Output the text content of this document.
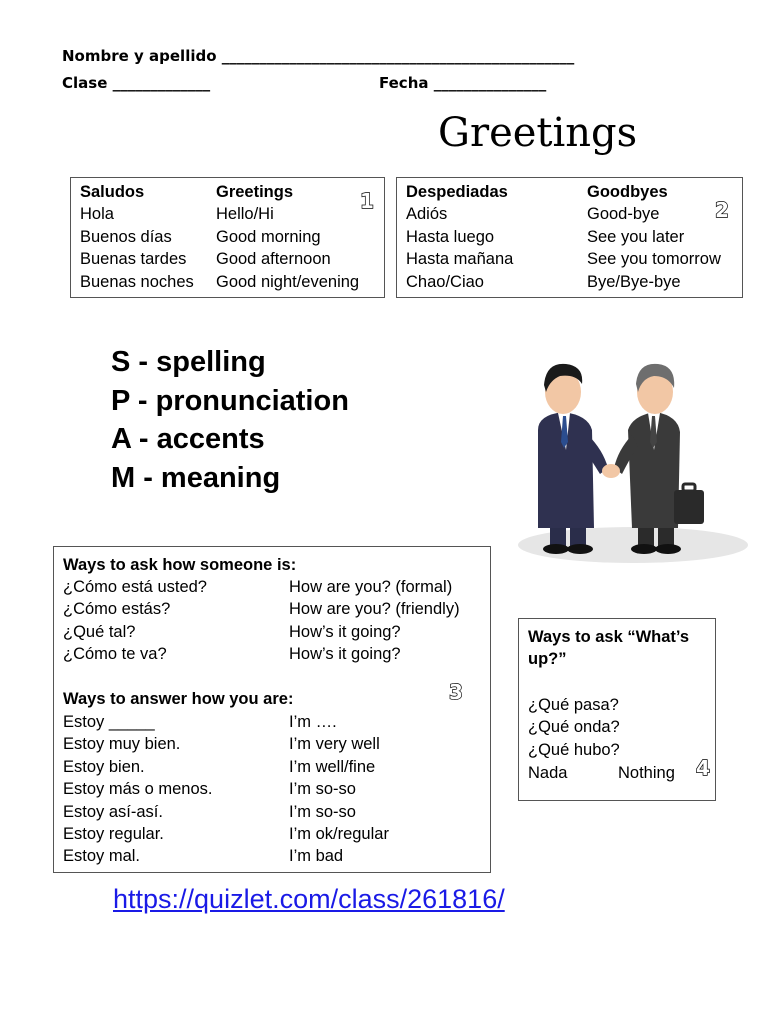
Nombre y apellido _______________________________________________
Clase _____________	Fecha _______________
Greetings
1
Saludos
Hola
Buenos días
Buenas tardes
Buenas noches
Greetings
Hello/Hi
Good morning
Good afternoon
Good night/evening
2
Despediadas
Adiós
Hasta luego
Hasta mañana
Chao/Ciao
Goodbyes
Good-bye
See you later
See you tomorrow
Bye/Bye-bye
S - spelling
P - pronunciation
A - accents
M - meaning
3
Ways to ask how someone is:
¿Cómo está usted?
¿Cómo estás?
¿Qué tal?
¿Cómo te va?
How are you? (formal)
How are you? (friendly)
How’s it going?
How’s it going?
Ways to answer how you are:
Estoy _____
Estoy muy bien.
Estoy bien.
Estoy más o menos.
Estoy así-así.
Estoy regular.
Estoy mal.
I’m ….
I’m very well
I’m well/fine
I’m so-so
I’m so-so
I’m ok/regular
I’m bad
4
Ways to ask “What’s
up?”
¿Qué pasa?
¿Qué onda?
¿Qué hubo?
Nada	Nothing
https://quizlet.com/class/261816/
